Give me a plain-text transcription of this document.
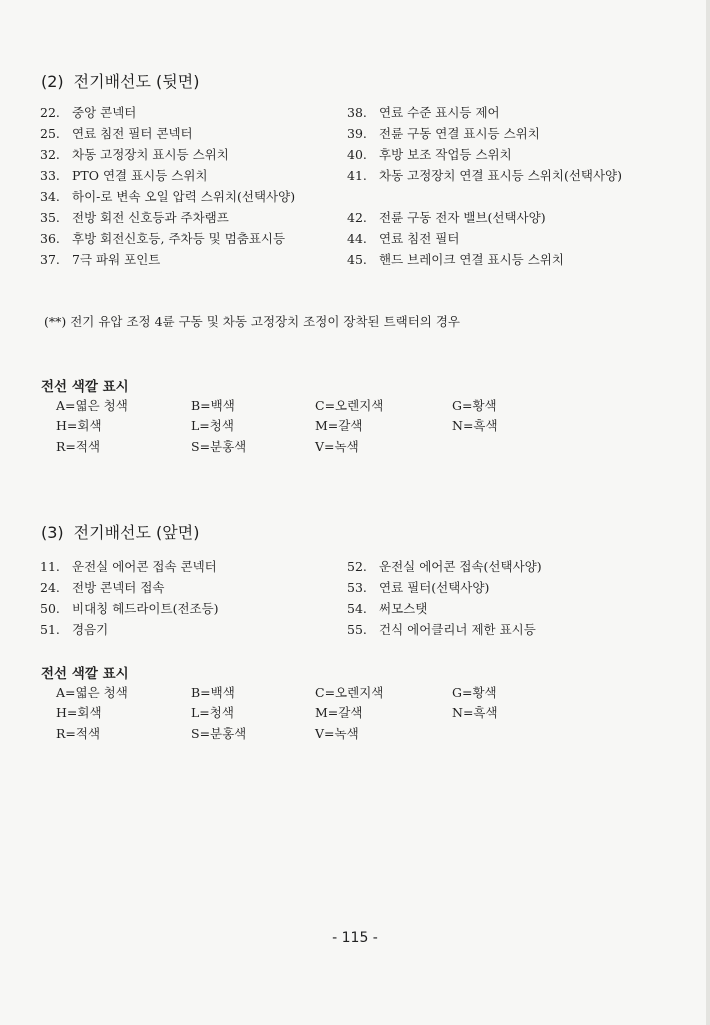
(2) 전기배선도 (뒷면)
22. 중앙 콘넥터
25. 연료 침전 필터 콘넥터
32. 차동 고정장치 표시등 스위치
33. PTO 연결 표시등 스위치
34. 하이-로 변속 오일 압력 스위치(선택사양)
35. 전방 회전 신호등과 주차램프
36. 후방 회전신호등, 주차등 및 멈춤표시등
37. 7극 파워 포인트
38. 연료 수준 표시등 제어
39. 전륜 구동 연결 표시등 스위치
40. 후방 보조 작업등 스위치
41. 차동 고정장치 연결 표시등 스위치(선택사양)
42. 전륜 구동 전자 밸브(선택사양)
44. 연료 침전 필터
45. 핸드 브레이크 연결 표시등 스위치
(**) 전기 유압 조정 4륜 구동 및 차동 고정장치 조정이 장착된 트랙터의 경우
전선 색깔 표시
A=엷은 청색	B=백색	C=오렌지색	G=황색
H=회색	L=청색	M=갈색	N=흑색
R=적색	S=분홍색	V=녹색
(3) 전기배선도 (앞면)
11. 운전실 에어콘 접속 콘넥터
24. 전방 콘넥터 접속
50. 비대칭 헤드라이트(전조등)
51. 경음기
52. 운전실 에어콘 접속(선택사양)
53. 연료 필터(선택사양)
54. 써모스탯
55. 건식 에어클리너 제한 표시등
전선 색깔 표시
A=엷은 청색	B=백색	C=오렌지색	G=황색
H=회색	L=청색	M=갈색	N=흑색
R=적색	S=분홍색	V=녹색
- 115 -
